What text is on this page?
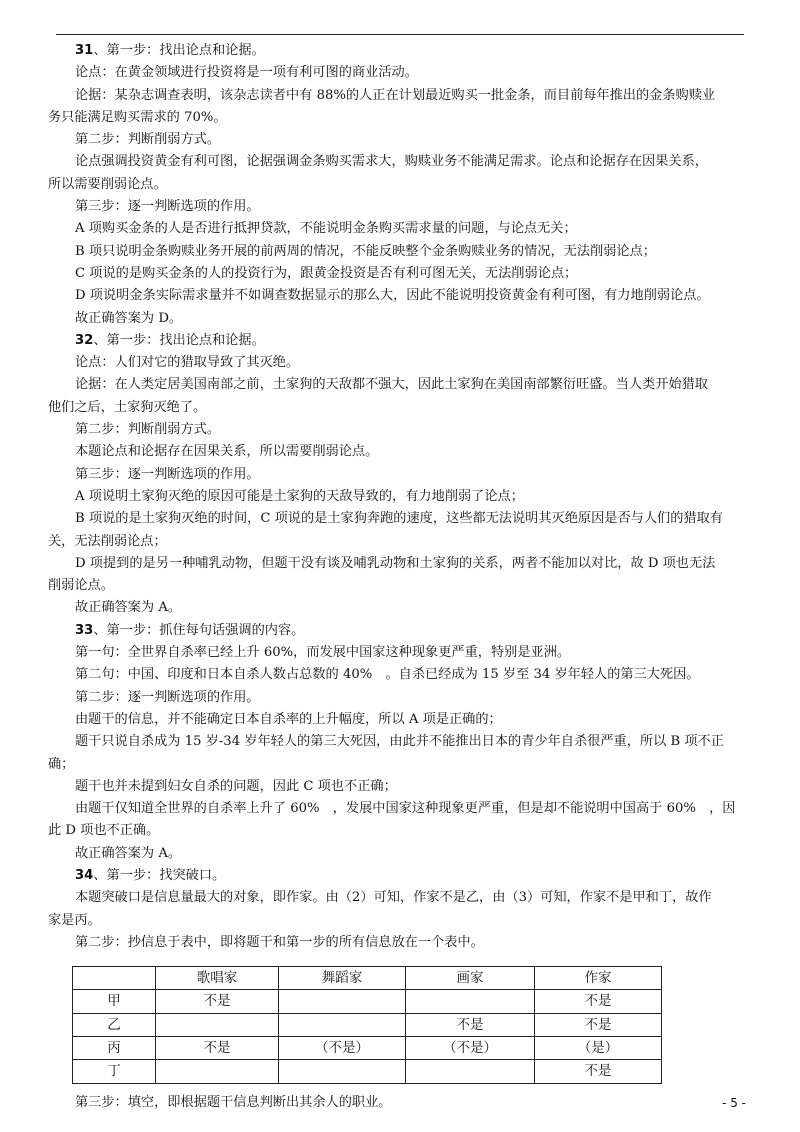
31、第一步：找出论点和论据。
论点：在黄金领域进行投资将是一项有利可图的商业活动。
论据：某杂志调查表明，该杂志读者中有 88%的人正在计划最近购买一批金条，而目前每年推出的金条购赎业
务只能满足购买需求的 70%。
第二步：判断削弱方式。
论点强调投资黄金有利可图，论据强调金条购买需求大，购赎业务不能满足需求。论点和论据存在因果关系，
所以需要削弱论点。
第三步：逐一判断选项的作用。
A 项购买金条的人是否进行抵押贷款，不能说明金条购买需求量的问题，与论点无关；
B 项只说明金条购赎业务开展的前两周的情况，不能反映整个金条购赎业务的情况，无法削弱论点；
C 项说的是购买金条的人的投资行为，跟黄金投资是否有利可图无关，无法削弱论点；
D 项说明金条实际需求量并不如调查数据显示的那么大，因此不能说明投资黄金有利可图，有力地削弱论点。
故正确答案为 D。
32、第一步：找出论点和论据。
论点：人们对它的猎取导致了其灭绝。
论据：在人类定居美国南部之前，土家狗的天敌都不强大，因此土家狗在美国南部繁衍旺盛。当人类开始猎取
他们之后，土家狗灭绝了。
第二步：判断削弱方式。
本题论点和论据存在因果关系，所以需要削弱论点。
第三步：逐一判断选项的作用。
A 项说明土家狗灭绝的原因可能是土家狗的天敌导致的，有力地削弱了论点；
B 项说的是土家狗灭绝的时间，C 项说的是土家狗奔跑的速度，这些都无法说明其灭绝原因是否与人们的猎取有
关，无法削弱论点；
D 项提到的是另一种哺乳动物，但题干没有谈及哺乳动物和土家狗的关系，两者不能加以对比，故 D 项也无法
削弱论点。
故正确答案为 A。
33、第一步：抓住每句话强调的内容。
第一句：全世界自杀率已经上升 60%，而发展中国家这种现象更严重，特别是亚洲。
第二句：中国、印度和日本自杀人数占总数的 40%　。自杀已经成为 15 岁至 34 岁年轻人的第三大死因。
第二步：逐一判断选项的作用。
由题干的信息，并不能确定日本自杀率的上升幅度，所以 A 项是正确的；
题干只说自杀成为 15 岁-34 岁年轻人的第三大死因，由此并不能推出日本的青少年自杀很严重，所以 B 项不正
确；
题干也并未提到妇女自杀的问题，因此 C 项也不正确；
由题干仅知道全世界的自杀率上升了 60%　，发展中国家这种现象更严重，但是却不能说明中国高于 60%　，因
此 D 项也不正确。
故正确答案为 A。
34、第一步：找突破口。
本题突破口是信息量最大的对象，即作家。由（2）可知，作家不是乙，由（3）可知，作家不是甲和丁，故作
家是丙。
第二步：抄信息于表中，即将题干和第一步的所有信息放在一个表中。
	歌唱家	舞蹈家	画家	作家
甲	不是			不是
乙			不是	不是
丙	不是	（不是）	（不是）	（是）
丁				不是
第三步：填空，即根据题干信息判断出其余人的职业。	- 5 -
